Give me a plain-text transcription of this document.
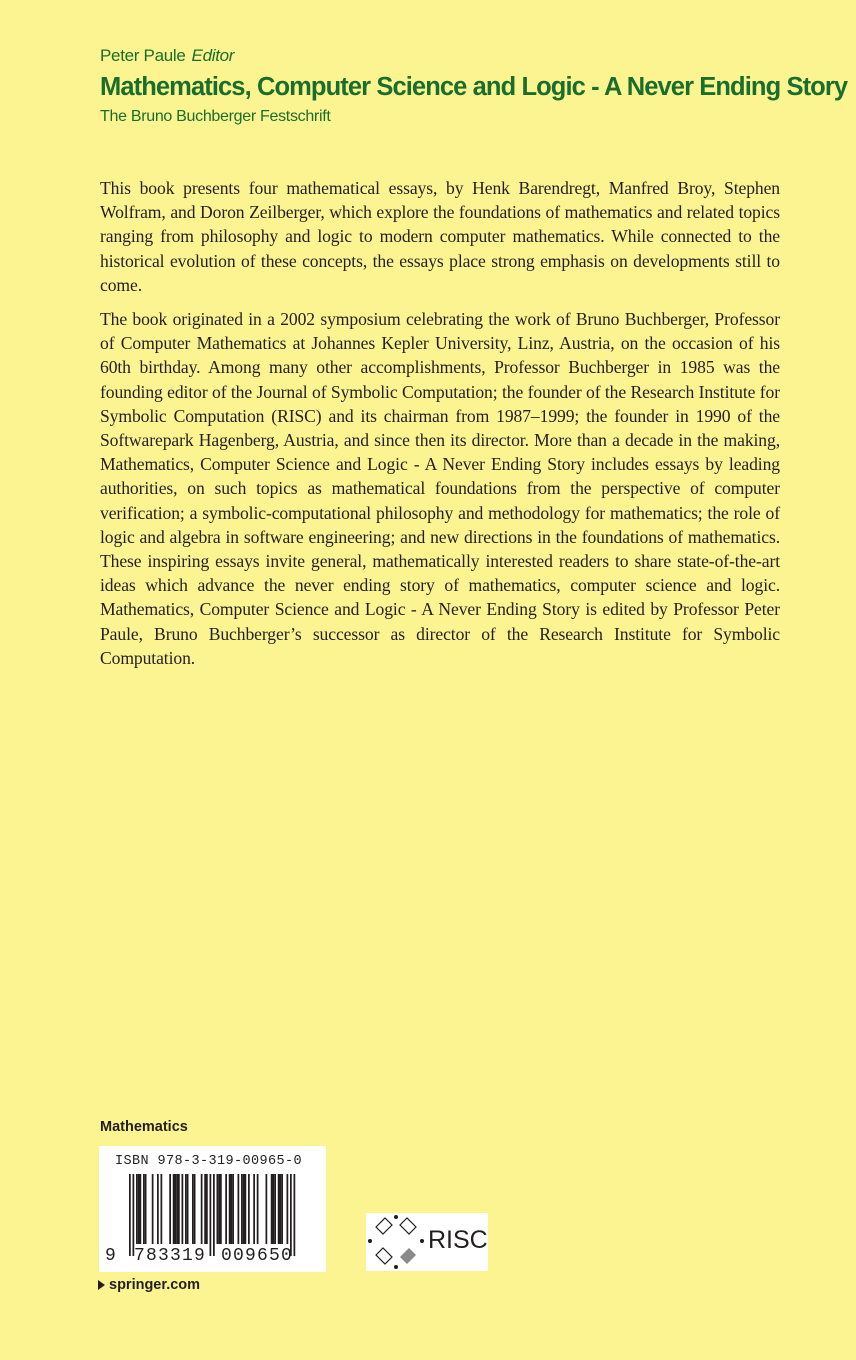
Peter Paule Editor
Mathematics, Computer Science and Logic - A Never Ending Story
The Bruno Buchberger Festschrift

This book presents four mathematical essays, by Henk Barendregt, Manfred Broy, Stephen Wolfram, and Doron Zeilberger, which explore the foundations of mathematics and related topics ranging from philosophy and logic to modern computer mathematics. While connected to the historical evolution of these concepts, the essays place strong emphasis on developments still to come.

The book originated in a 2002 symposium celebrating the work of Bruno Buchberger, Professor of Computer Mathematics at Johannes Kepler University, Linz, Austria, on the occasion of his 60th birthday. Among many other accomplishments, Professor Buchberger in 1985 was the founding editor of the Journal of Symbolic Computation; the founder of the Research Institute for Symbolic Computation (RISC) and its chairman from 1987–1999; the founder in 1990 of the Softwarepark Hagenberg, Austria, and since then its director. More than a decade in the making, Mathematics, Computer Science and Logic - A Never Ending Story includes essays by leading authorities, on such topics as mathematical foundations from the perspective of computer verification; a symbolic-computational philosophy and methodology for mathematics; the role of logic and algebra in software engineering; and new directions in the foundations of mathematics. These inspiring essays invite general, mathematically interested readers to share state-of-the-art ideas which advance the never ending story of mathematics, computer science and logic. Mathematics, Computer Science and Logic - A Never Ending Story is edited by Professor Peter Paule, Bruno Buchberger’s successor as director of the Research Institute for Symbolic Computation.

Mathematics
ISBN 978-3-319-00965-0
9 783319 009650
springer.com
RISC
